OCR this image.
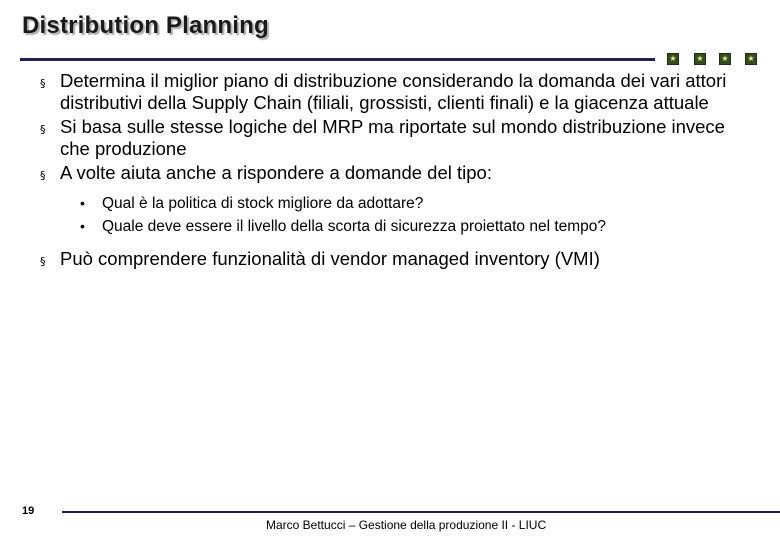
Distribution Planning
★ ★ ★ ★
§ Determina il miglior piano di distribuzione considerando la domanda dei vari attori distributivi della Supply Chain (filiali, grossisti, clienti finali) e la giacenza attuale
§ Si basa sulle stesse logiche del MRP ma riportate sul mondo distribuzione invece che produzione
§ A volte aiuta anche a rispondere a domande del tipo:
• Qual è la politica di stock migliore da adottare?
• Quale deve essere il livello della scorta di sicurezza proiettato nel tempo?
§ Può comprendere funzionalità di vendor managed inventory (VMI)
19
Marco Bettucci – Gestione della produzione II - LIUC
